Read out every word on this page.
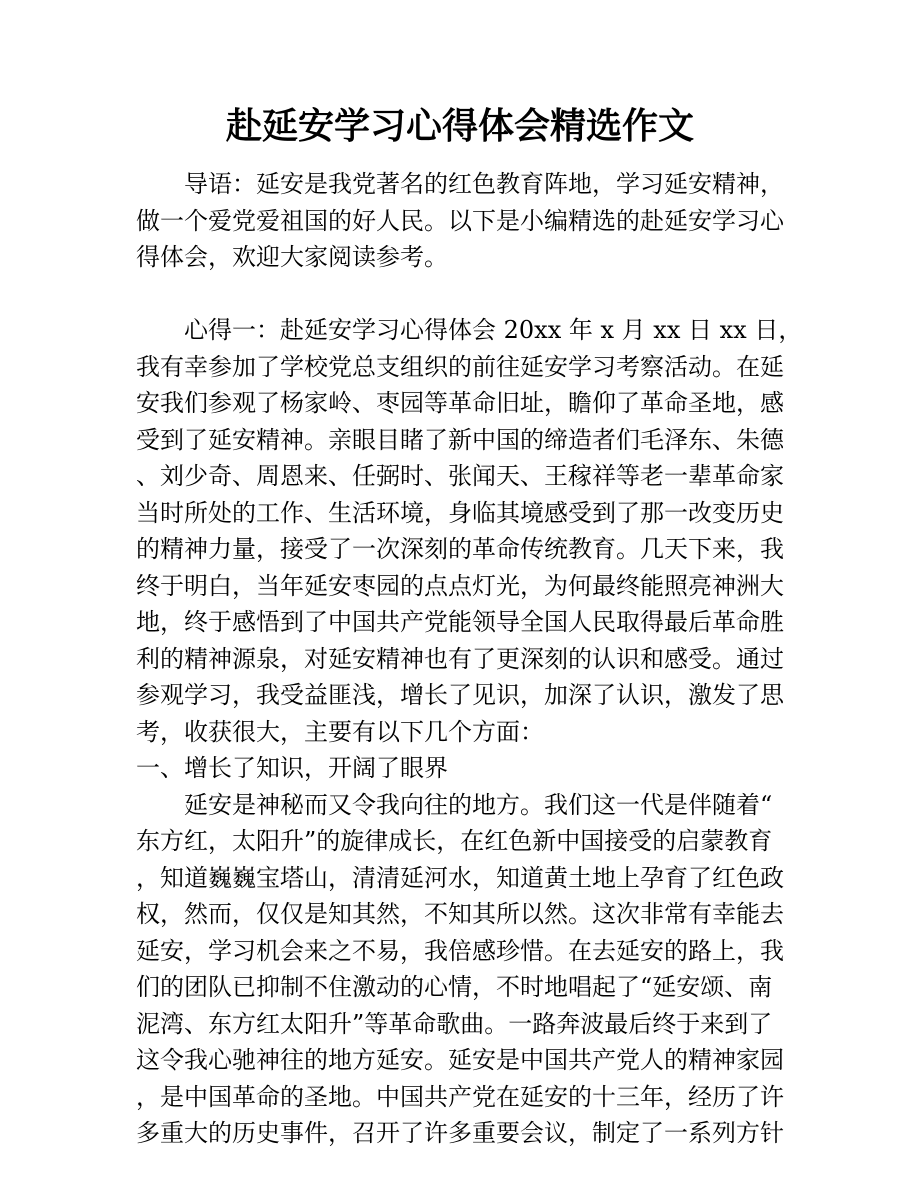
赴延安学习心得体会精选作文
　　导语：延安是我党著名的红色教育阵地，学习延安精神，
做一个爱党爱祖国的好人民。以下是小编精选的赴延安学习心
得体会，欢迎大家阅读参考。
　　心得一：赴延安学习心得体会 20xx 年 x 月 xx 日 xx 日，
我有幸参加了学校党总支组织的前往延安学习考察活动。在延
安我们参观了杨家岭、枣园等革命旧址，瞻仰了革命圣地，感
受到了延安精神。亲眼目睹了新中国的缔造者们毛泽东、朱德
、刘少奇、周恩来、任弼时、张闻天、王稼祥等老一辈革命家
当时所处的工作、生活环境，身临其境感受到了那一改变历史
的精神力量，接受了一次深刻的革命传统教育。几天下来，我
终于明白，当年延安枣园的点点灯光，为何最终能照亮神洲大
地，终于感悟到了中国共产党能领导全国人民取得最后革命胜
利的精神源泉，对延安精神也有了更深刻的认识和感受。通过
参观学习，我受益匪浅，增长了见识，加深了认识，激发了思
考，收获很大，主要有以下几个方面：
一、增长了知识，开阔了眼界
　　延安是神秘而又令我向往的地方。我们这一代是伴随着“
东方红，太阳升”的旋律成长，在红色新中国接受的启蒙教育
，知道巍巍宝塔山，清清延河水，知道黄土地上孕育了红色政
权，然而，仅仅是知其然，不知其所以然。这次非常有幸能去
延安，学习机会来之不易，我倍感珍惜。在去延安的路上，我
们的团队已抑制不住激动的心情，不时地唱起了“延安颂、南
泥湾、东方红太阳升”等革命歌曲。一路奔波最后终于来到了
这令我心驰神往的地方延安。延安是中国共产党人的精神家园
，是中国革命的圣地。中国共产党在延安的十三年，经历了许
多重大的历史事件，召开了许多重要会议，制定了一系列方针
